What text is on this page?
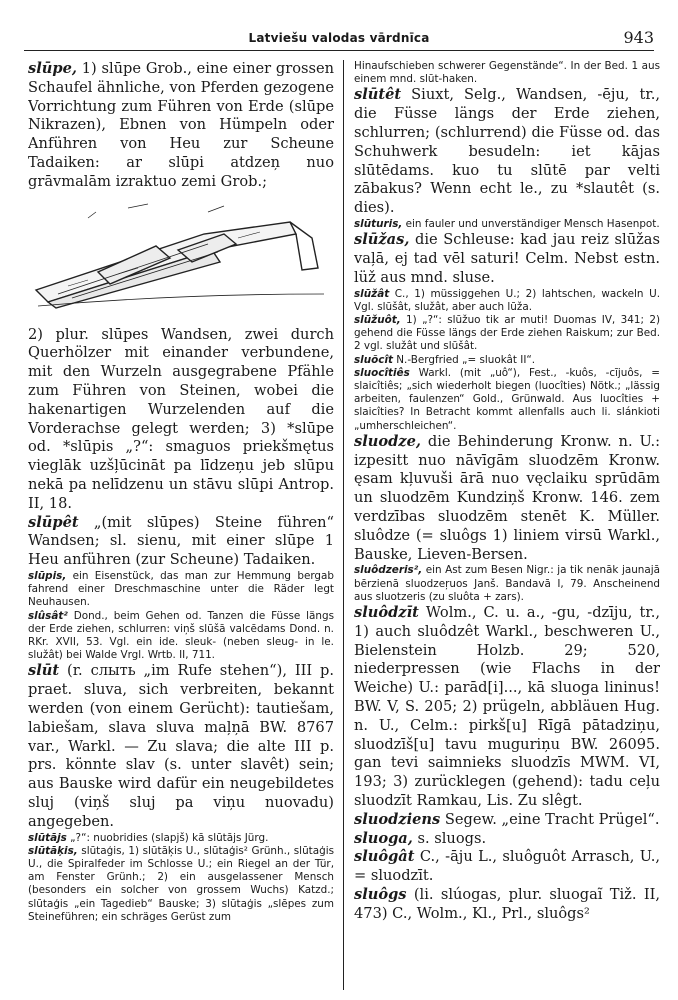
Latviešu valodas vārdnīca	943

slūpe, 1) slūpe Grob., eine einer grossen Schaufel ähnliche, von Pferden gezogene Vorrichtung zum Führen von Erde (slūpe Nikrazen), Ebnen von Hümpeln oder Anführen von Heu zur Scheune Tadaiken: ar slūpi atdzeņ nuo grāvmalām izraktuo zemi Grob.;

2) plur. slūpes Wandsen, zwei durch Querhölzer mit einander verbundene, mit den Wurzeln ausgegrabene Pfähle zum Führen von Steinen, wobei die hakenartigen Wurzelenden auf die Vorderachse gelegt werden; 3) *slūpe od. *slūpis „?“: smaguos priekšmętus vieglāk uzšļūcināt pa līdzeņu jeb slūpu nekā pa nelīdzenu un stāvu slūpi Antrop. II, 18.

slūpêt „(mit slūpes) Steine führen“ Wandsen; sl. sienu, mit einer slūpe 1 Heu anführen (zur Scheune) Tadaiken.

slūpis, ein Eisenstück, das man zur Hemmung bergab fahrend einer Dreschmaschine unter die Räder legt Neuhausen.

slûsât² Dond., beim Gehen od. Tanzen die Füsse längs der Erde ziehen, schlurren: viņš slūšā valcēdams Dond. n. RKr. XVII, 53. Vgl. ein ide. sleuk- (neben sleug- in le. služât) bei Walde Vrgl. Wrtb. II, 711.

slūt (r. слыть „im Rufe stehen“), III p. praet. sluva, sich verbreiten, bekannt werden (von einem Gerücht): tautiešam, labiešam, slava sluva maļņā BW. 8767 var., Warkl. — Zu slava; die alte III p. prs. könnte slav (s. unter slavêt) sein; aus Bauske wird dafür ein neugebildetes sluj (viņš sluj pa viņu nuovadu) angegeben.

slūtājs „?“: nuobridies (slapjš) kā slūtājs Jürg.

slūtāķis, slūtaģis, 1) slūtāķis U., slūtaģis² Grünh., slūtaģis U., die Spiralfeder im Schlosse U.; ein Riegel an der Tür, am Fenster Grünh.; 2) ein ausgelassener Mensch (besonders ein solcher von grossem Wuchs) Katzd.; slūtaģis „ein Tagedieb“ Bauske; 3) slūtaģis „slēpes zum Steineführen; ein schräges Gerüst zum

Hinaufschieben schwerer Gegenstände“. In der Bed. 1 aus einem mnd. slūt-haken.

slūtêt Siuxt, Selg., Wandsen, -ēju, tr., die Füsse längs der Erde ziehen, schlurren; (schlurrend) die Füsse od. das Schuhwerk besudeln: iet kājas slūtēdams. kuo tu slūtē par velti zābakus? Wenn echt le., zu *slautêt (s. dies).

slūturis, ein fauler und unverständiger Mensch Hasenpot.

slūžas, die Schleuse: kad jau reiz slūžas vaļā, ej tad vēl saturi! Celm. Nebst estn. lüž aus mnd. sluse.

slūžât C., 1) müssiggehen U.; 2) lahtschen, wackeln U. Vgl. slūšât, služât, aber auch lūža.

slūžuôt, 1) „?“: slūžuo tik ar muti! Duomas IV, 341; 2) gehend die Füsse längs der Erde ziehen Raiskum; zur Bed. 2 vgl. služât und slūšât.

sluõcît N.-Bergfried „= sluokât II“.

sluocîtiês Warkl. (mit „uô“), Fest., -kuôs, -cījuôs, = slaicîtiês; „sich wiederholt biegen (luocîties) Nötk.; „lässig arbeiten, faulenzen“ Gold., Grünwald. Aus luocîties + slaicîties? In Betracht kommt allenfalls auch li. slánkioti „umherschleichen“.

sluodze, die Behinderung Kronw. n. U.: izpesitt nuo nāvīgām sluodzēm Kronw. ęsam kļuvuši ārā nuo vęclaiku sprūdām un sluodzēm Kundziņš Kronw. 146. zem verdzības sluodzēm stenēt K. Müller. sluôdze (= sluôgs 1) liniem virsū Warkl., Bauske, Lieven-Bersen.

sluôdzeris², ein Ast zum Besen Nigr.: ja tik nenāk jaunajā bērzienā sluodzeŗuos Janš. Bandavā I, 79. Anscheinend aus sluotzeris (zu sluôta + zars).

sluôdzīt Wolm., C. u. a., -gu, -dzīju, tr., 1) auch sluôdzêt Warkl., beschweren U., Bielenstein Holzb. 29; 520, niederpressen (wie Flachs in der Weiche) U.: parād[i]..., kā sluoga lininus! BW. V, S. 205; 2) prügeln, abbläuen Hug. n. U., Celm.: pirkš[u] Rīgā pātadziņu, sluodzīš[u] tavu muguriņu BW. 26095. gan tevi saimnieks sluodzīs MWM. VI, 193; 3) zurücklegen (gehend): tadu ceļu sluodzīt Ramkau, Lis. Zu slêgt.

sluodziens Segew. „eine Tracht Prügel“.

sluoga, s. sluogs.

sluôgât C., -āju L., sluôguôt Arrasch, U., = sluodzīt.

sluôgs (li. slúogas, plur. sluogaĩ Tiž. II, 473) C., Wolm., Kl., Prl., sluôgs²
